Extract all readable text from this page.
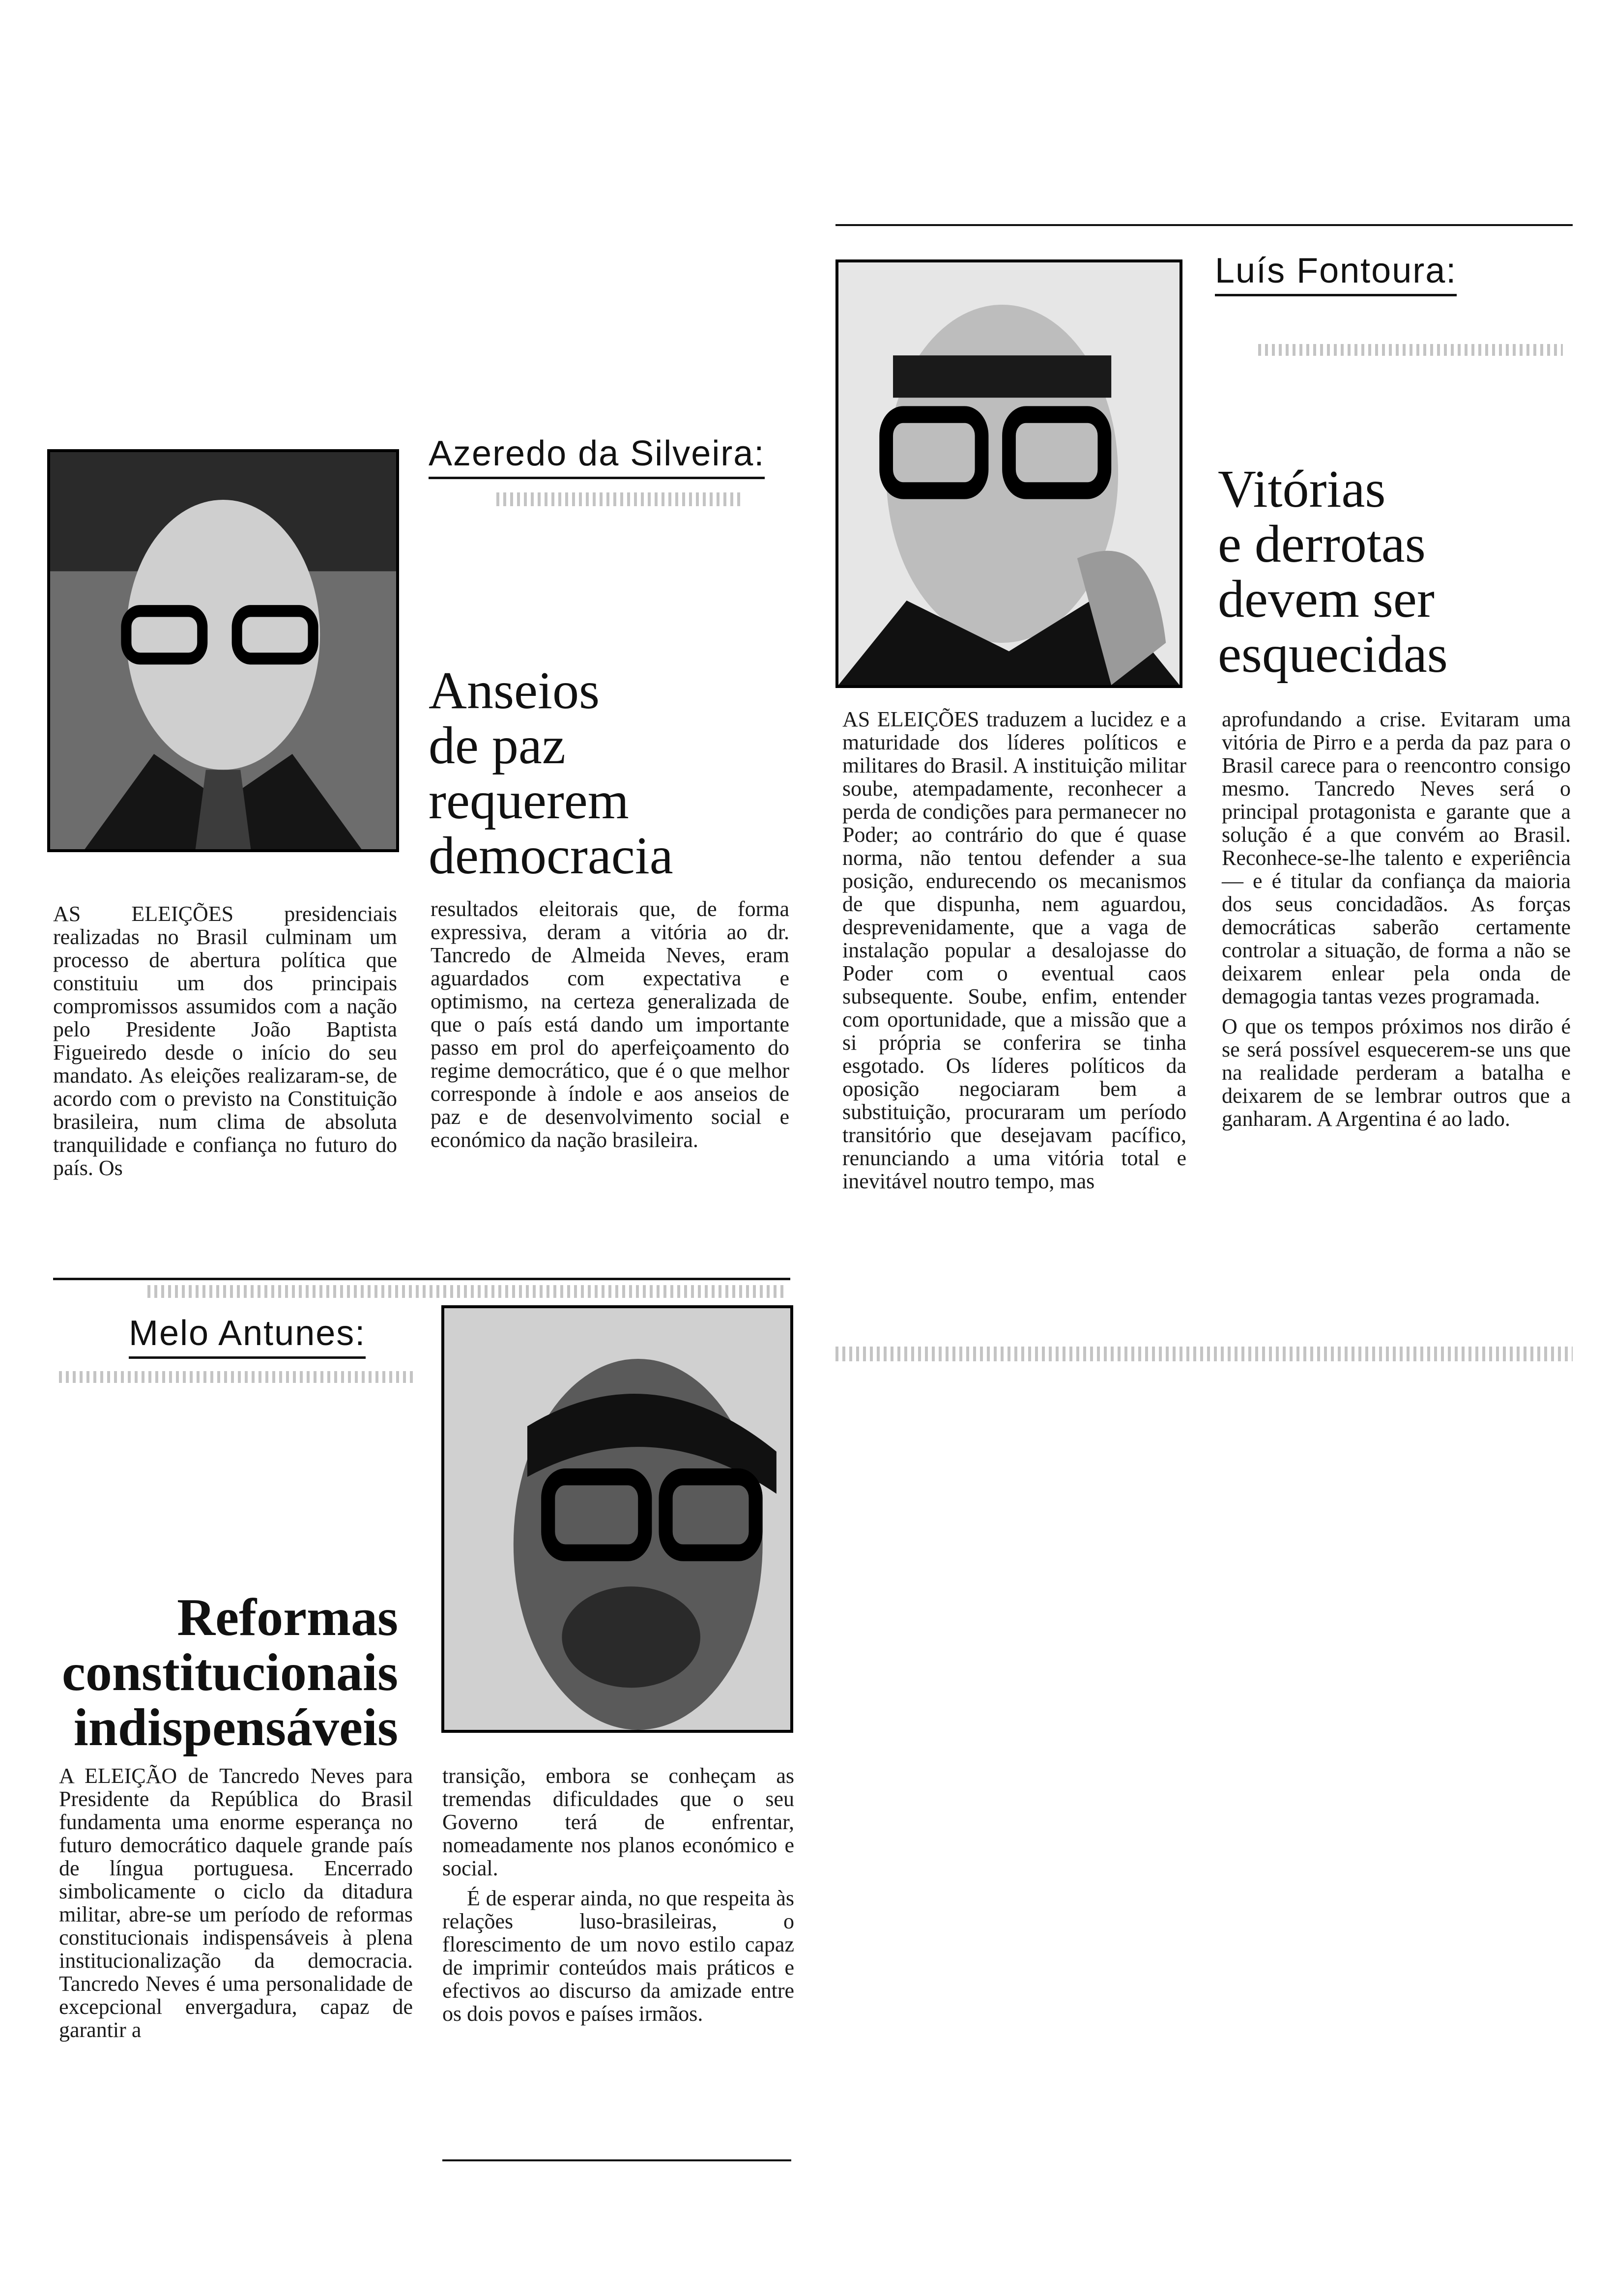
Azeredo da Silveira:
Anseios
de paz
requerem
democracia

AS ELEIÇÕES presidenciais realizadas no Brasil culminam um processo de abertura política que constituiu um dos principais compromissos assumidos com a nação pelo Presidente João Baptista Figueiredo desde o início do seu mandato. As eleições realizaram-se, de acordo com o previsto na Constituição brasileira, num clima de absoluta tranquilidade e confiança no futuro do país. Os

resultados eleitorais que, de forma expressiva, deram a vitória ao dr. Tancredo de Almeida Neves, eram aguardados com expectativa e optimismo, na certeza generalizada de que o país está dando um importante passo em prol do aperfeiçoamento do regime democrático, que é o que melhor corresponde à índole e aos anseios de paz e de desenvolvimento social e económico da nação brasileira.

Luís Fontoura:
Vitórias
e derrotas
devem ser
esquecidas

AS ELEIÇÕES traduzem a lucidez e a maturidade dos líderes políticos e militares do Brasil. A instituição militar soube, atempadamente, reconhecer a perda de condições para permanecer no Poder; ao contrário do que é quase norma, não tentou defender a sua posição, endurecendo os mecanismos de que dispunha, nem aguardou, desprevenidamente, que a vaga de instalação popular a desalojasse do Poder com o eventual caos subsequente. Soube, enfim, entender com oportunidade, que a missão que a si própria se conferira se tinha esgotado. Os líderes políticos da oposição negociaram bem a substituição, procuraram um período transitório que desejavam pacífico, renunciando a uma vitória total e inevitável noutro tempo, mas

aprofundando a crise. Evitaram uma vitória de Pirro e a perda da paz para o Brasil carece para o reencontro consigo mesmo. Tancredo Neves será o principal protagonista e garante que a solução é a que convém ao Brasil. Reconhece-se-lhe talento e experiência — e é titular da confiança da maioria dos seus concidadãos. As forças democráticas saberão certamente controlar a situação, de forma a não se deixarem enlear pela onda de demagogia tantas vezes programada.

O que os tempos próximos nos dirão é se será possível esquecerem-se uns que na realidade perderam a batalha e deixarem de se lembrar outros que a ganharam. A Argentina é ao lado.

Melo Antunes:
Reformas
constitucionais
indispensáveis

A ELEIÇÃO de Tancredo Neves para Presidente da República do Brasil fundamenta uma enorme esperança no futuro democrático daquele grande país de língua portuguesa. Encerrado simbolicamente o ciclo da ditadura militar, abre-se um período de reformas constitucionais indispensáveis à plena institucionalização da democracia. Tancredo Neves é uma personalidade de excepcional envergadura, capaz de garantir a

transição, embora se conheçam as tremendas dificuldades que o seu Governo terá de enfrentar, nomeadamente nos planos económico e social.

É de esperar ainda, no que respeita às relações luso-brasileiras, o florescimento de um novo estilo capaz de imprimir conteúdos mais práticos e efectivos ao discurso da amizade entre os dois povos e países irmãos.
